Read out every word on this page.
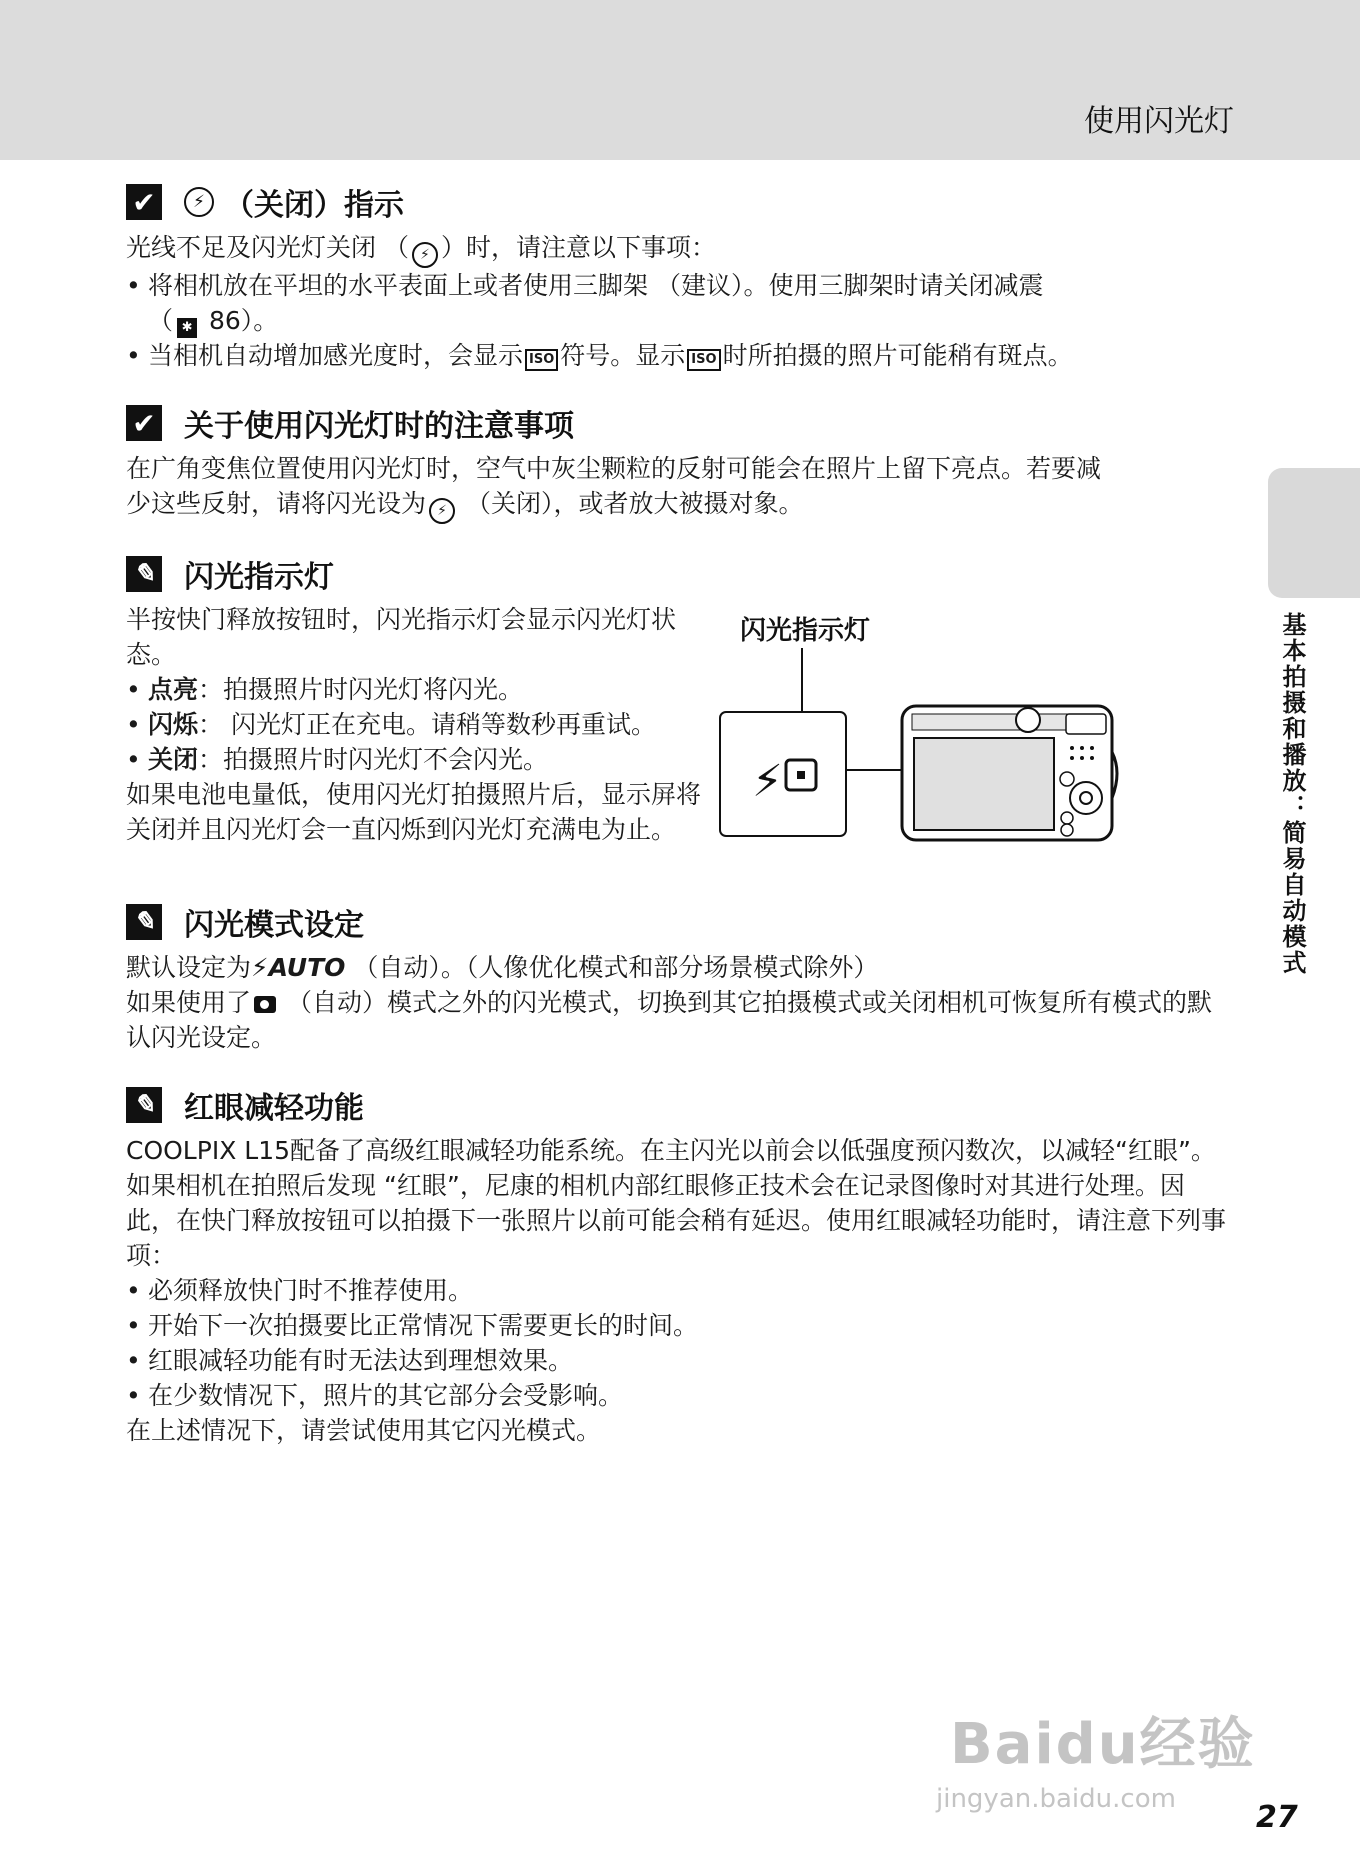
使用闪光灯
基本拍摄和播放：简易自动模式
✔	⚡ （关闭）指示

光线不足及闪光灯关闭 （ ⚡ ）时，请注意以下事项：

• 将相机放在平坦的水平表面上或者使用三脚架 （建议）。使用三脚架时请关闭减震
（ ✱ 86）。
• 当相机自动增加感光度时，会显示 ISO 符号。显示 ISO 时所拍摄的照片可能稍有斑点。
✔ 关于使用闪光灯时的注意事项

在广角变焦位置使用闪光灯时，空气中灰尘颗粒的反射可能会在照片上留下亮点。若要减
少这些反射，请将闪光设为 ⚡ （关闭），或者放大被摄对象。

✎ 闪光指示灯

半按快门释放按钮时，闪光指示灯会显示闪光灯状态。

• 点亮：拍摄照片时闪光灯将闪光。
• 闪烁： 闪光灯正在充电。请稍等数秒再重试。
• 关闭：拍摄照片时闪光灯不会闪光。

如果电池电量低，使用闪光灯拍摄照片后，显示屏将关闭并且闪光灯会一直闪烁到闪光灯充满电为止。

闪光指示灯
⚡
✎ 闪光模式设定

默认设定为⚡AUTO （自动）。（人像优化模式和部分场景模式除外）

如果使用了 （自动）模式之外的闪光模式，切换到其它拍摄模式或关闭相机可恢复所有模式的默认闪光设定。

✎ 红眼减轻功能

COOLPIX L15配备了高级红眼减轻功能系统。在主闪光以前会以低强度预闪数次，以减轻“红眼”。如果相机在拍照后发现 “红眼”，尼康的相机内部红眼修正技术会在记录图像时对其进行处理。因此，在快门释放按钮可以拍摄下一张照片以前可能会稍有延迟。使用红眼减轻功能时，请注意下列事项：

• 必须释放快门时不推荐使用。
• 开始下一次拍摄要比正常情况下需要更长的时间。
• 红眼减轻功能有时无法达到理想效果。
• 在少数情况下，照片的其它部分会受影响。

在上述情况下，请尝试使用其它闪光模式。

Baidu经验
jingyan.baidu.com
27
